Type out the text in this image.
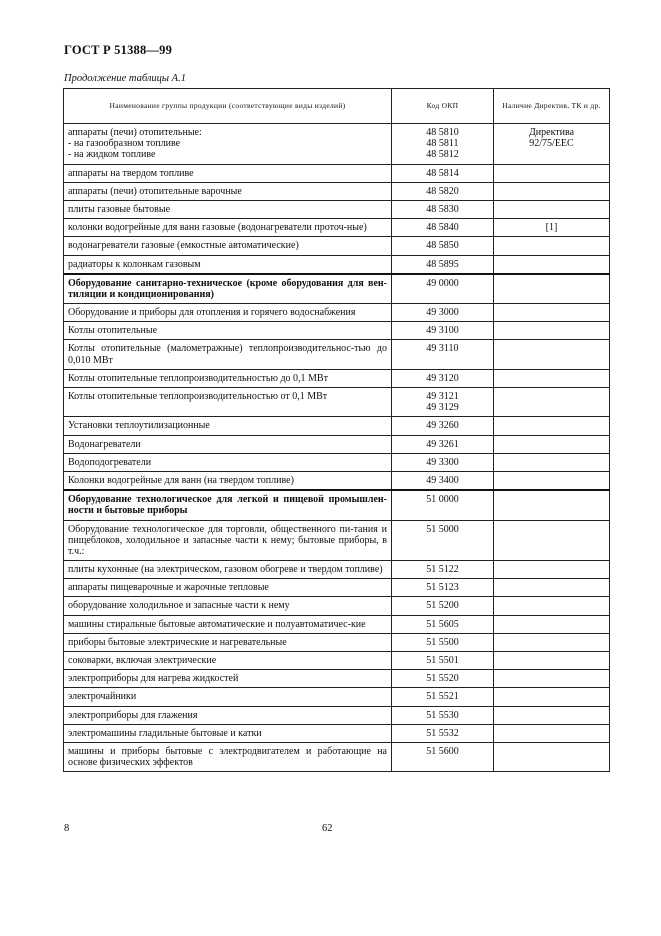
ГОСТ Р 51388—99
Продолжение таблицы А.1
Наименование группы продукции (соответствующие виды изделий)	Код ОКП	Наличие Директив, ТК и др.

аппараты (печи) отопительные:
- на газообразном топливе
- на жидком топливе	48 5810
48 5811
48 5812	Директива
92/75/ЕЕС

аппараты на твердом топливе	48 5814	

аппараты (печи) отопительные варочные	48 5820	

плиты газовые бытовые	48 5830	

колонки водогрейные для ванн газовые (водонагреватели проточ-ные)	48 5840	[1]

водонагреватели газовые (емкостные автоматические)	48 5850	

радиаторы к колонкам газовым	48 5895	

Оборудование санитарно-техническое (кроме оборудования для вен-тиляции и кондиционирования)	49 0000	

Оборудование и приборы для отопления и горячего водоснабжения	49 3000	

Котлы отопительные	49 3100	

Котлы отопительные (малометражные) теплопроизводительнос-тью до 0,010 МВт	49 3110	

Котлы отопительные теплопроизводительностью до 0,1 МВт	49 3120	

Котлы отопительные теплопроизводительностью от 0,1 МВт	49 3121
49 3129	

Установки теплоутилизационные	49 3260	

Водонагреватели	49 3261	

Водоподогреватели	49 3300	

Колонки водогрейные для ванн (на твердом топливе)	49 3400	

Оборудование технологическое для легкой и пищевой промышлен-ности и бытовые приборы	51 0000	

Оборудование технологическое для торговли, общественного пи-тания и пищеблоков, холодильное и запасные части к нему; бытовые приборы, в т.ч.:	51 5000	

плиты кухонные (на электрическом, газовом обогреве и твердом топливе)	51 5122	

аппараты пищеварочные и жарочные тепловые	51 5123	

оборудование холодильное и запасные части к нему	51 5200	

машины стиральные бытовые автоматические и полуавтоматичес-кие	51 5605	

приборы бытовые электрические и нагревательные	51 5500	

соковарки, включая электрические	51 5501	

электроприборы для нагрева жидкостей	51 5520	

электрочайники	51 5521	

электроприборы для глажения	51 5530	

электромашины гладильные бытовые и катки	51 5532	

машины и приборы бытовые с электродвигателем и работающие на основе физических эффектов	51 5600	

8	62
